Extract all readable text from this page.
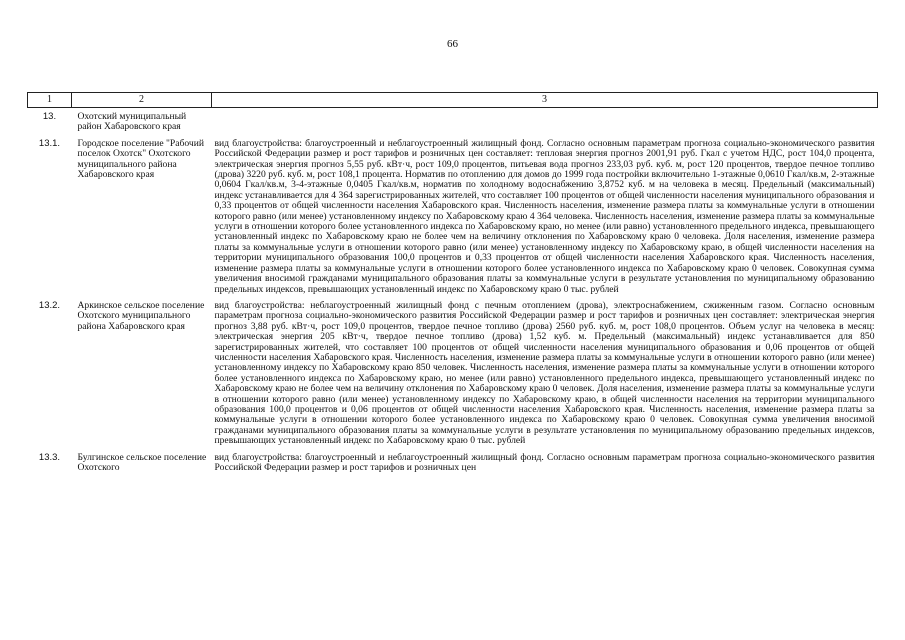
66
1	2	3
13.	Охотский муниципальный район Хабаровского края	
13.1.	Городское поселение "Рабочий поселок Охотск" Охотского муниципального района Хабаровского края	вид благоустройства: благоустроенный и неблагоустроенный жилищный фонд. Согласно основным параметрам прогноза социально-экономического развития Российской Федерации размер и рост тарифов и розничных цен составляет: тепловая энергия прогноз 2001,91 руб. Гкал с учетом НДС, рост 104,0 процента, электрическая энергия прогноз 5,55 руб. кВт·ч, рост 109,0 процентов, питьевая вода прогноз 233,03 руб. куб. м, рост 120 процентов, твердое печное топливо (дрова) 3220 руб. куб. м, рост 108,1 процента. Норматив по отоплению для домов до 1999 года постройки включительно 1-этажные 0,0610 Гкал/кв.м, 2-этажные 0,0604 Гкал/кв.м, 3-4-этажные 0,0405 Гкал/кв.м, норматив по холодному водоснабжению 3,8752 куб. м на человека в месяц. Предельный (максимальный) индекс устанавливается для 4 364 зарегистрированных жителей, что составляет 100 процентов от общей численности населения муниципального образования и 0,33 процентов от общей численности населения Хабаровского края. Численность населения, изменение размера платы за коммунальные услуги в отношении которого равно (или менее) установленному индексу по Хабаровскому краю 4 364 человека. Численность населения, изменение размера платы за коммунальные услуги в отношении которого более установленного индекса по Хабаровскому краю, но менее (или равно) установленного предельного индекса, превышающего установленный индекс по Хабаровскому краю не более чем на величину отклонения по Хабаровскому краю 0 человека. Доля населения, изменение размера платы за коммунальные услуги в отношении которого равно (или менее) установленному индексу по Хабаровскому краю, в общей численности населения на территории муниципального образования 100,0 процентов и 0,33 процентов от общей численности населения Хабаровского края. Численность населения, изменение размера платы за коммунальные услуги в отношении которого более установленного индекса по Хабаровскому краю 0 человек. Совокупная сумма увеличения вносимой гражданами муниципального образования платы за коммунальные услуги в результате установления по муниципальному образованию предельных индексов, превышающих установленный индекс по Хабаровскому краю 0 тыс. рублей
13.2.	Аркинское сельское поселение Охотского муниципального района Хабаровского края	вид благоустройства: неблагоустроенный жилищный фонд с печным отоплением (дрова), электроснабжением, сжиженным газом. Согласно основным параметрам прогноза социально-экономического развития Российской Федерации размер и рост тарифов и розничных цен составляет: электрическая энергия прогноз 3,88 руб. кВт·ч, рост 109,0 процентов, твердое печное топливо (дрова) 2560 руб. куб. м, рост 108,0 процентов. Объем услуг на человека в месяц: электрическая энергия 205 кВт·ч, твердое печное топливо (дрова) 1,52 куб. м. Предельный (максимальный) индекс устанавливается для 850 зарегистрированных жителей, что составляет 100 процентов от общей численности населения муниципального образования и 0,06 процентов от общей численности населения Хабаровского края. Численность населения, изменение размера платы за коммунальные услуги в отношении которого равно (или менее) установленному индексу по Хабаровскому краю 850 человек. Численность населения, изменение размера платы за коммунальные услуги в отношении которого более установленного индекса по Хабаровскому краю, но менее (или равно) установленного предельного индекса, превышающего установленный индекс по Хабаровскому краю не более чем на величину отклонения по Хабаровскому краю 0 человек. Доля населения, изменение размера платы за коммунальные услуги в отношении которого равно (или менее) установленному индексу по Хабаровскому краю, в общей численности населения на территории муниципального образования 100,0 процентов и 0,06 процентов от общей численности населения Хабаровского края. Численность населения, изменение размера платы за коммунальные услуги в отношении которого более установленного индекса по Хабаровскому краю 0 человек. Совокупная сумма увеличения вносимой гражданами муниципального образования платы за коммунальные услуги в результате установления по муниципальному образованию предельных индексов, превышающих установленный индекс по Хабаровскому краю 0 тыс. рублей
13.3.	Булгинское сельское поселение Охотского	вид благоустройства: благоустроенный и неблагоустроенный жилищный фонд. Согласно основным параметрам прогноза социально-экономического развития Российской Федерации размер и рост тарифов и розничных цен
